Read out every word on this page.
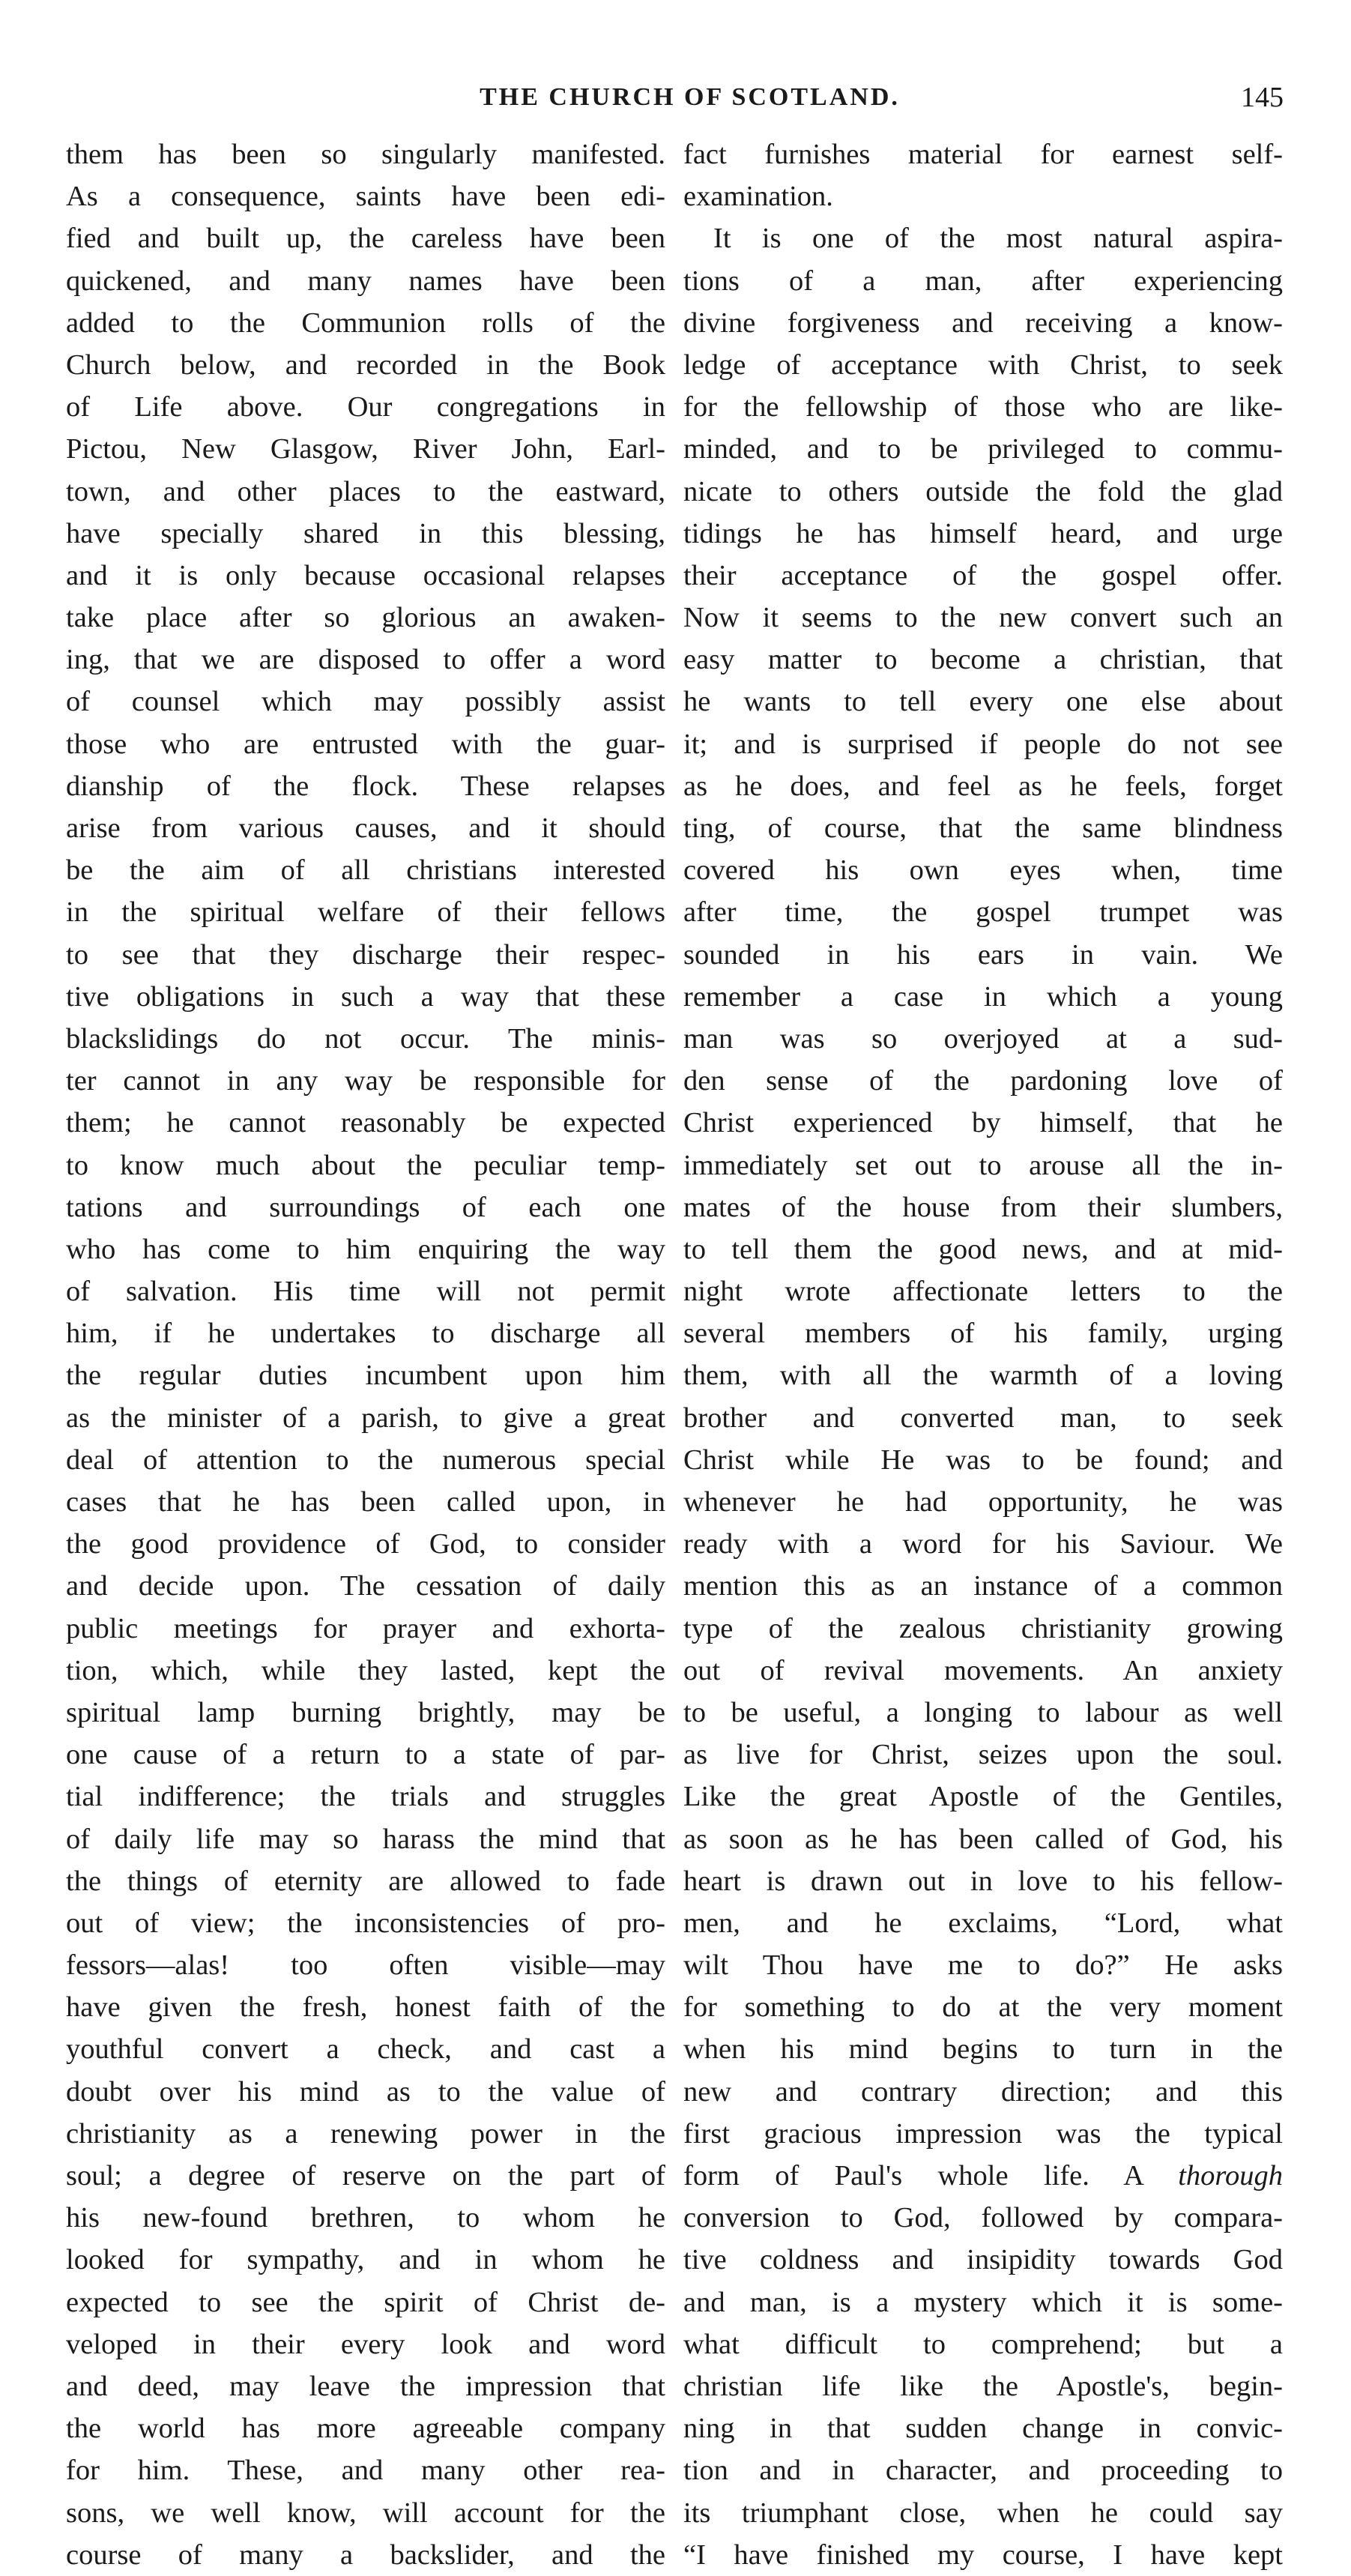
THE CHURCH OF SCOTLAND.	145
them has been so singularly manifested.
As a consequence, saints have been edi-
fied and built up, the careless have been
quickened, and many names have been
added to the Communion rolls of the
Church below, and recorded in the Book
of Life above. Our congregations in
Pictou, New Glasgow, River John, Earl-
town, and other places to the eastward,
have specially shared in this blessing,
and it is only because occasional relapses
take place after so glorious an awaken-
ing, that we are disposed to offer a word
of counsel which may possibly assist
those who are entrusted with the guar-
dianship of the flock. These relapses
arise from various causes, and it should
be the aim of all christians interested
in the spiritual welfare of their fellows
to see that they discharge their respec-
tive obligations in such a way that these
blackslidings do not occur. The minis-
ter cannot in any way be responsible for
them; he cannot reasonably be expected
to know much about the peculiar temp-
tations and surroundings of each one
who has come to him enquiring the way
of salvation. His time will not permit
him, if he undertakes to discharge all
the regular duties incumbent upon him
as the minister of a parish, to give a great
deal of attention to the numerous special
cases that he has been called upon, in
the good providence of God, to consider
and decide upon. The cessation of daily
public meetings for prayer and exhorta-
tion, which, while they lasted, kept the
spiritual lamp burning brightly, may be
one cause of a return to a state of par-
tial indifference; the trials and struggles
of daily life may so harass the mind that
the things of eternity are allowed to fade
out of view; the inconsistencies of pro-
fessors—alas! too often visible—may
have given the fresh, honest faith of the
youthful convert a check, and cast a
doubt over his mind as to the value of
christianity as a renewing power in the
soul; a degree of reserve on the part of
his new-found brethren, to whom he
looked for sympathy, and in whom he
expected to see the spirit of Christ de-
veloped in their every look and word
and deed, may leave the impression that
the world has more agreeable company
for him. These, and many other rea-
sons, we well know, will account for the
course of many a backslider, and the
fact furnishes material for earnest self-
examination.
It is one of the most natural aspira-
tions of a man, after experiencing
divine forgiveness and receiving a know-
ledge of acceptance with Christ, to seek
for the fellowship of those who are like-
minded, and to be privileged to commu-
nicate to others outside the fold the glad
tidings he has himself heard, and urge
their acceptance of the gospel offer.
Now it seems to the new convert such an
easy matter to become a christian, that
he wants to tell every one else about
it; and is surprised if people do not see
as he does, and feel as he feels, forget
ting, of course, that the same blindness
covered his own eyes when, time
after time, the gospel trumpet was
sounded in his ears in vain. We
remember a case in which a young
man was so overjoyed at a sud-
den sense of the pardoning love of
Christ experienced by himself, that he
immediately set out to arouse all the in-
mates of the house from their slumbers,
to tell them the good news, and at mid-
night wrote affectionate letters to the
several members of his family, urging
them, with all the warmth of a loving
brother and converted man, to seek
Christ while He was to be found; and
whenever he had opportunity, he was
ready with a word for his Saviour. We
mention this as an instance of a common
type of the zealous christianity growing
out of revival movements. An anxiety
to be useful, a longing to labour as well
as live for Christ, seizes upon the soul.
Like the great Apostle of the Gentiles,
as soon as he has been called of God, his
heart is drawn out in love to his fellow-
men, and he exclaims, “Lord, what
wilt Thou have me to do?” He asks
for something to do at the very moment
when his mind begins to turn in the
new and contrary direction; and this
first gracious impression was the typical
form of Paul's whole life. A thorough
conversion to God, followed by compara-
tive coldness and insipidity towards God
and man, is a mystery which it is some-
what difficult to comprehend; but a
christian life like the Apostle's, begin-
ning in that sudden change in convic-
tion and in character, and proceeding to
its triumphant close, when he could say
“I have finished my course, I have kept
